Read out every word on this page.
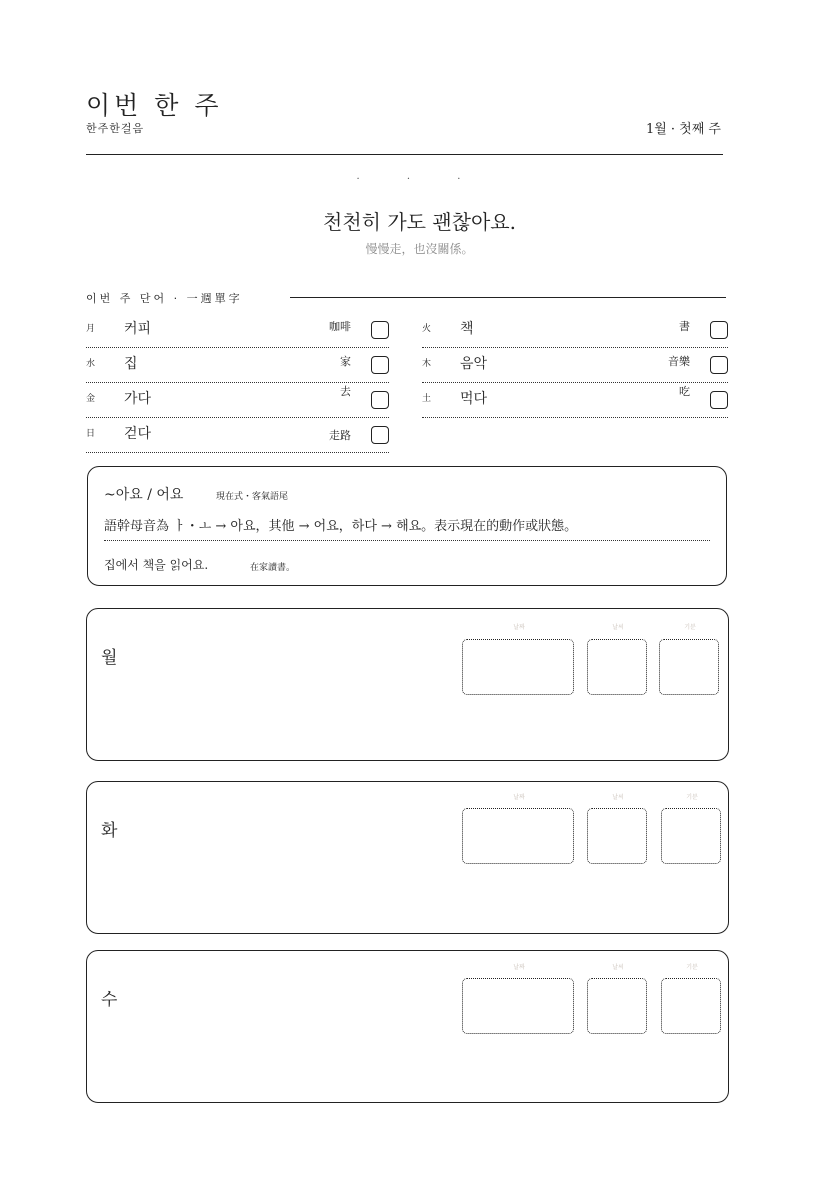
이번 한 주
한주한걸음	1월 · 첫째 주
· · ·
천천히 가도 괜찮아요.
慢慢走，也沒關係。
이번 주 단어 · 一週單字
月 커피	咖啡
水 집	家
金 가다	去
日 걷다	走路
火 책	書
木 음악	音樂
土 먹다	吃
~아요 / 어요	現在式・客氣語尾
語幹母音為 ㅏ・ㅗ → 아요，其他 → 어요，하다 → 해요。表示現在的動作或狀態。
집에서 책을 읽어요.	在家讀書。
월
날짜	날씨	기분
화
날짜	날씨	기분
수
날짜	날씨	기분
